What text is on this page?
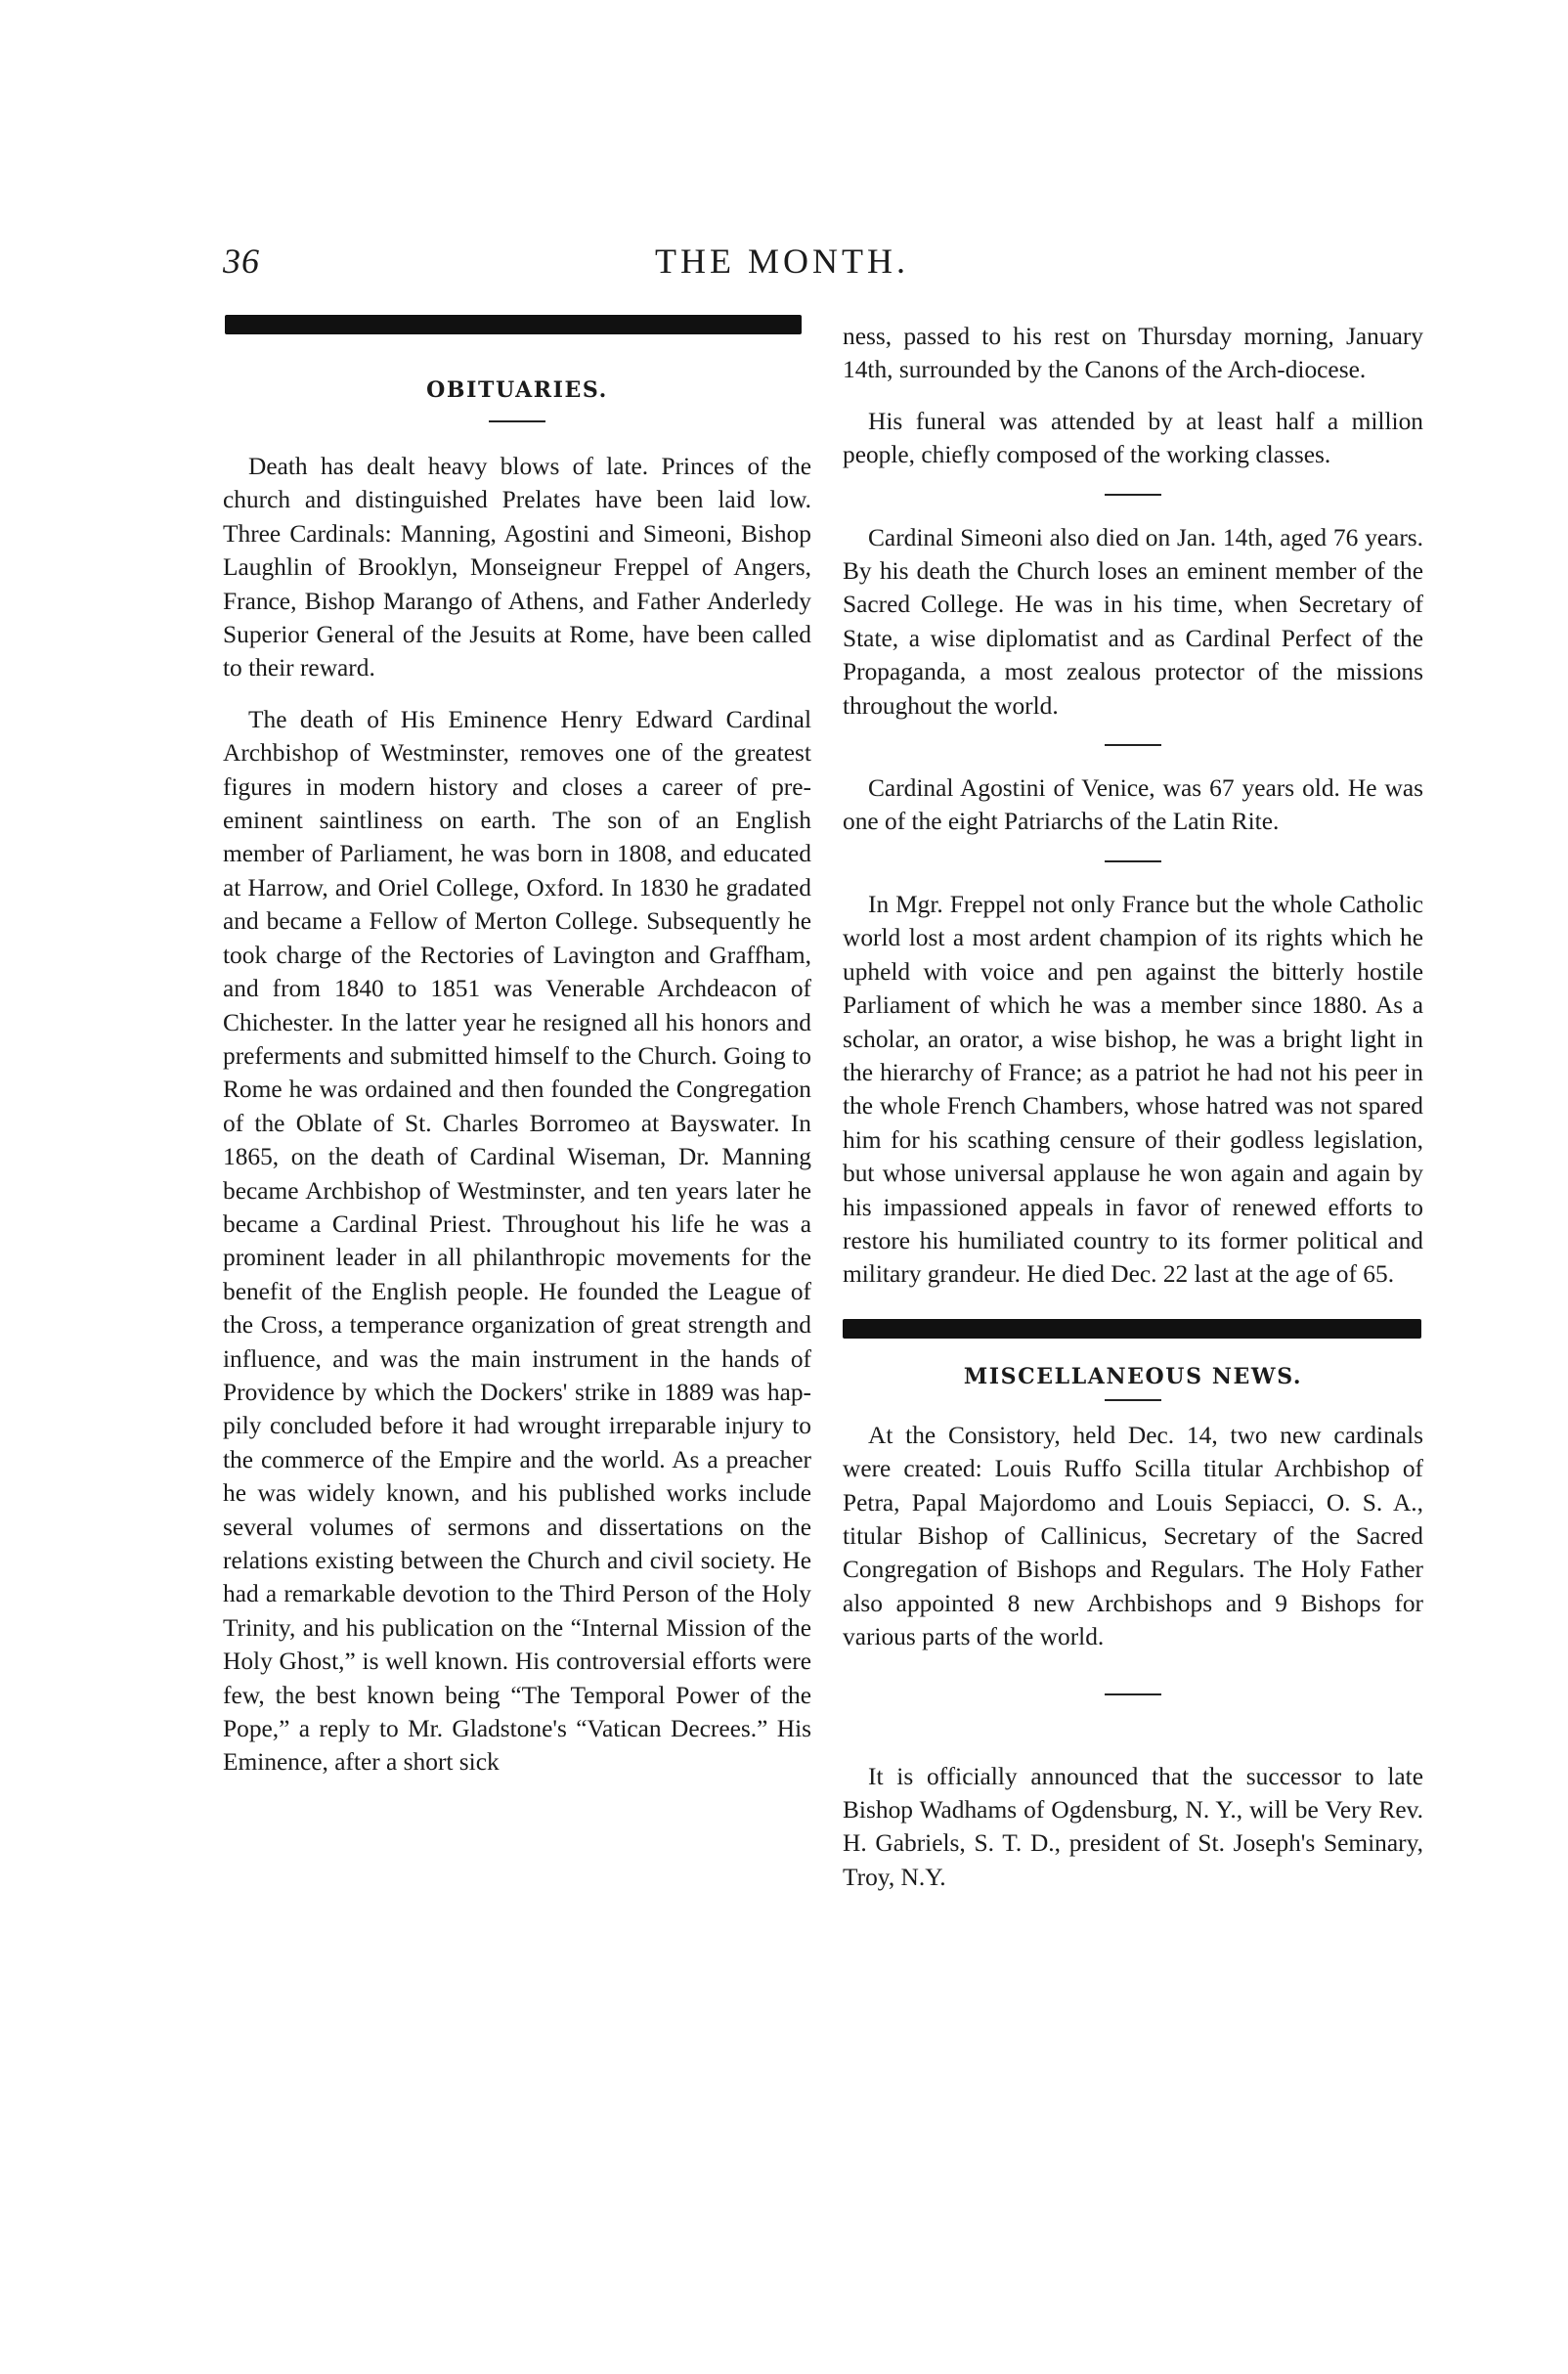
36	THE MONTH.
OBITUARIES.

Death has dealt heavy blows of late. Princes of the church and distinguished Prelates have been laid low. Three Cardinals: Manning, Agostini and Simeoni, Bishop Laughlin of Brooklyn, Monseigneur Freppel of Angers, France, Bishop Marango of Athens, and Father Anderledy Superior General of the Jesuits at Rome, have been called to their reward.

The death of His Eminence Henry Edward Cardinal Archbishop of Westminster, removes one of the greatest figures in modern history and closes a career of preeminent saintliness on earth. The son of an English member of Parliament, he was born in 1808, and educated at Harrow, and Oriel College, Oxford. In 1830 he gradated and became a Fellow of Merton College. Subsequently he took charge of the Rectories of Lavington and Graffham, and from 1840 to 1851 was Venerable Archdeacon of Chichester. In the latter year he resigned all his honors and preferments and submitted himself to the Church. Going to Rome he was ordained and then founded the Congregation of the Oblate of St. Charles Borromeo at Bayswater. In 1865, on the death of Cardinal Wiseman, Dr. Manning became Archbishop of Westminster, and ten years later he became a Cardinal Priest. Throughout his life he was a prominent leader in all philanthropic movements for the benefit of the English people. He founded the League of the Cross, a temperance organization of great strength and influence, and was the main instrument in the hands of Providence by which the Dockers' strike in 1889 was happily concluded before it had wrought irreparable injury to the commerce of the Empire and the world. As a preacher he was widely known, and his published works include several volumes of sermons and dissertations on the relations existing between the Church and civil society. He had a remarkable devotion to the Third Person of the Holy Trinity, and his publication on the “Internal Mission of the Holy Ghost,” is well known. His controversial efforts were few, the best known being “The Temporal Power of the Pope,” a reply to Mr. Gladstone's “Vatican Decrees.” His Eminence, after a short sick

ness, passed to his rest on Thursday morning, January 14th, surrounded by the Canons of the Arch-diocese.

His funeral was attended by at least half a million people, chiefly composed of the working classes.

Cardinal Simeoni also died on Jan. 14th, aged 76 years. By his death the Church loses an eminent member of the Sacred College. He was in his time, when Secretary of State, a wise diplomatist and as Cardinal Perfect of the Propaganda, a most zealous protector of the missions throughout the world.

Cardinal Agostini of Venice, was 67 years old. He was one of the eight Patriarchs of the Latin Rite.

In Mgr. Freppel not only France but the whole Catholic world lost a most ardent champion of its rights which he upheld with voice and pen against the bitterly hostile Parliament of which he was a member since 1880. As a scholar, an orator, a wise bishop, he was a bright light in the hierarchy of France; as a patriot he had not his peer in the whole French Chambers, whose hatred was not spared him for his scathing censure of their godless legislation, but whose universal applause he won again and again by his impassioned appeals in favor of renewed efforts to restore his humiliated country to its former political and military grandeur. He died Dec. 22 last at the age of 65.

MISCELLANEOUS NEWS.

At the Consistory, held Dec. 14, two new cardinals were created: Louis Ruffo Scilla titular Archbishop of Petra, Papal Majordomo and Louis Sepiacci, O. S. A., titular Bishop of Callinicus, Secretary of the Sacred Congregation of Bishops and Regulars. The Holy Father also appointed 8 new Archbishops and 9 Bishops for various parts of the world.

It is officially announced that the successor to late Bishop Wadhams of Ogdensburg, N. Y., will be Very Rev. H. Gabriels, S. T. D., president of St. Joseph's Seminary, Troy, N.Y.
